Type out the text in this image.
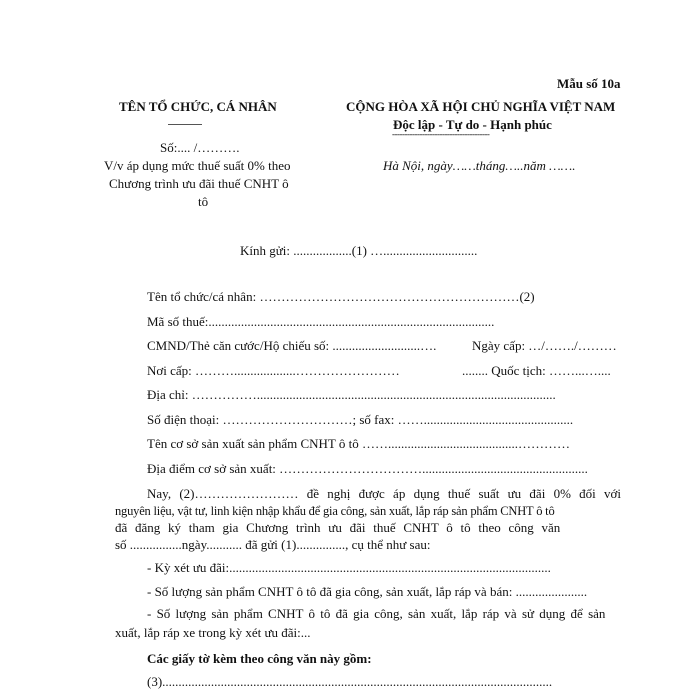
Mẫu số 10a
TÊN TỔ CHỨC, CÁ NHÂN
Số:.... /……….
V/v áp dụng mức thuế suất 0% theo
Chương trình ưu đãi thuế CNHT ô
tô
CỘNG HÒA XÃ HỘI CHỦ NGHĨA VIỆT NAM
Độc lập - Tự do - Hạnh phúc
---------------------------------------
Hà Nội, ngày……tháng…..năm …….
Kính gửi: ..................(1) ….............................
Tên tổ chức/cá nhân: ……………………………………………………(2)
Mã số thuế:........................................................................................
CMND/Thẻ căn cước/Hộ chiếu số: ...........................….	Ngày cấp: …/……./………
Nơi cấp: ………...................……………………	........ Quốc tịch: ……...…....
Địa chỉ: ……………............................................................................................
Số điện thoại: …………………………; số fax: ……..............................................
Tên cơ sở sản xuất sản phẩm CNHT ô tô ……........................................…………
Địa điểm cơ sở sản xuất: ……………………………...................................................
Nay, (2)…………………… đề nghị được áp dụng thuế suất ưu đãi 0% đối với
nguyên liệu, vật tư, linh kiện nhập khẩu để gia công, sản xuất, lắp ráp sản phẩm CNHT ô tô
đã đăng ký tham gia Chương trình ưu đãi thuế CNHT ô tô theo công văn
số ................ngày........... đã gửi (1)..............., cụ thể như sau:
- Kỳ xét ưu đãi:...................................................................................................
- Số lượng sản phẩm CNHT ô tô đã gia công, sản xuất, lắp ráp và bán: ......................
- Số lượng sản phẩm CNHT ô tô đã gia công, sản xuất, lắp ráp và sử dụng để sản
xuất, lắp ráp xe trong kỳ xét ưu đãi:...
Các giấy tờ kèm theo công văn này gồm:
(3)........................................................................................................................
